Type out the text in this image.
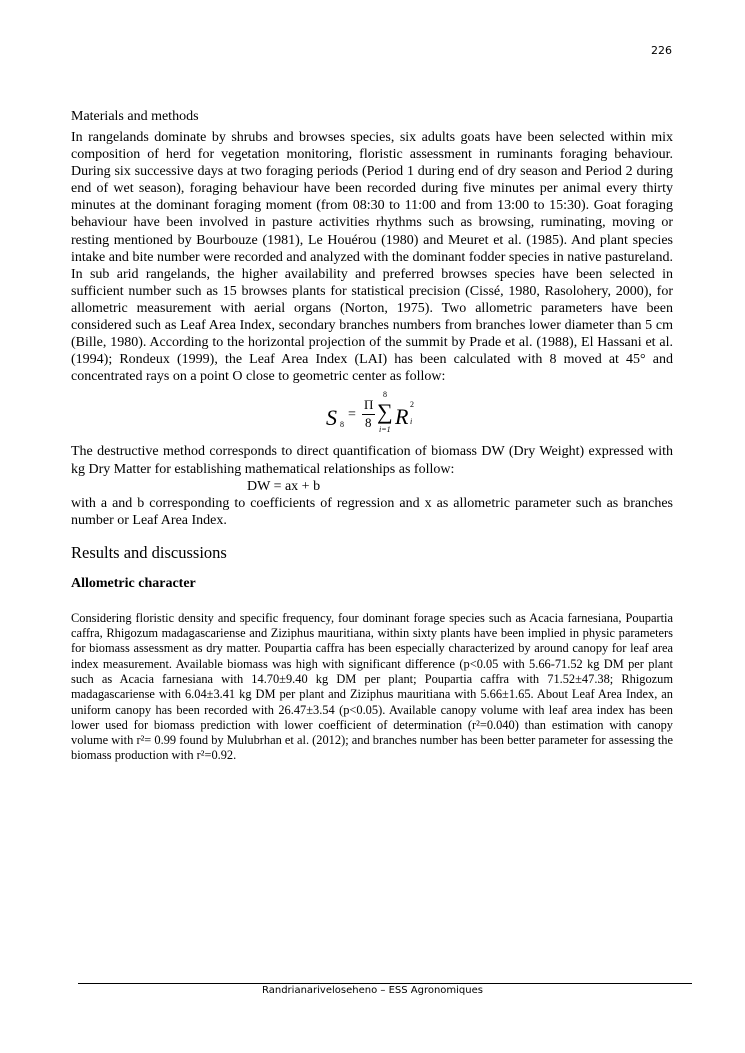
226
Materials and methods

In rangelands dominate by shrubs and browses species, six adults goats have been selected within mix composition of herd for vegetation monitoring, floristic assessment in ruminants foraging behaviour. During six successive days at two foraging periods (Period 1 during end of dry season and Period 2 during end of wet season), foraging behaviour have been recorded during five minutes per animal every thirty minutes at the dominant foraging moment (from 08:30 to 11:00 and from 13:00 to 15:30). Goat foraging behaviour have been involved in pasture activities rhythms such as browsing, ruminating, moving or resting mentioned by Bourbouze (1981), Le Houérou (1980) and Meuret et al. (1985). And plant species intake and bite number were recorded and analyzed with the dominant fodder species in native pastureland. In sub arid rangelands, the higher availability and preferred browses species have been selected in sufficient number such as 15 browses plants for statistical precision (Cissé, 1980, Rasolohery, 2000), for allometric measurement with aerial organs (Norton, 1975). Two allometric parameters have been considered such as Leaf Area Index, secondary branches numbers from branches lower diameter than 5 cm (Bille, 1980). According to the horizontal projection of the summit by Prade et al. (1988), El Hassani et al. (1994); Rondeux (1999), the Leaf Area Index (LAI) has been calculated with 8 moved at 45° and concentrated rays on a point O close to geometric center as follow:

S 8
=
Π
8
8
∑
i=1
R 2
i

The destructive method corresponds to direct quantification of biomass DW (Dry Weight) expressed with kg Dry Matter for establishing mathematical relationships as follow:

DW = ax + b

with a and b corresponding to coefficients of regression and x as allometric parameter such as branches number or Leaf Area Index.

Results and discussions
Allometric character

Considering floristic density and specific frequency, four dominant forage species such as Acacia farnesiana, Poupartia caffra, Rhigozum madagascariense and Ziziphus mauritiana, within sixty plants have been implied in physic parameters for biomass assessment as dry matter. Poupartia caffra has been especially characterized by around canopy for leaf area index measurement. Available biomass was high with significant difference (p<0.05 with 5.66-71.52 kg DM per plant such as Acacia farnesiana with 14.70±9.40 kg DM per plant; Poupartia caffra with 71.52±47.38; Rhigozum madagascariense with 6.04±3.41 kg DM per plant and Ziziphus mauritiana with 5.66±1.65. About Leaf Area Index, an uniform canopy has been recorded with 26.47±3.54 (p<0.05). Available canopy volume with leaf area index has been lower used for biomass prediction with lower coefficient of determination (r²=0.040) than estimation with canopy volume with r²= 0.99 found by Mulubrhan et al. (2012); and branches number has been better parameter for assessing the biomass production with r²=0.92.

Randrianariveloseheno – ESS Agronomiques
